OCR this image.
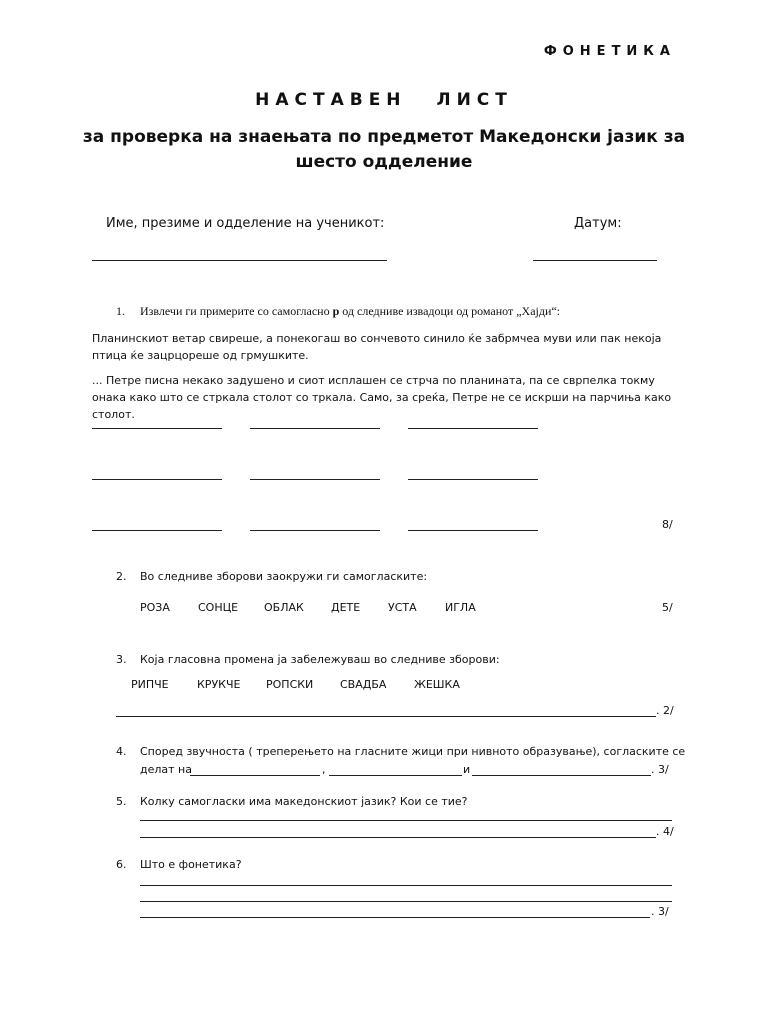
ФОНЕТИКА
НАСТАВЕН ЛИСТ
за проверка на знаењата по предметот Македонски јазик за шесто одделение
Име, презиме и одделение на ученикот:	Датум:
1. Извлечи ги примерите со самогласно р од следниве извадоци од романот „Хајди“:
Планинскиот ветар свиреше, а понекогаш во сончевото синило ќе забрмчеа муви или пак некоја птица ќе зацрцореше од грмушките.
... Петре писна некако задушено и сиот исплашен се стрча по планината, па се сврпелка токму онака како што се стркала столот со тркала. Само, за среќа, Петре не се искрши на парчиња како столот.
8/
2. Во следниве зборови заокружи ги самогласките:
РОЗА	СОНЦЕ ОБЛАК ДЕТЕ	УСТА	ИГЛА	5/
3. Која гласовна промена ја забележуваш во следниве зборови:
РИПЧЕ	КРУКЧЕ РОПСКИ СВАДБА	ЖЕШКА
. 2/
4. Според звучноста ( треперењето на гласните жици при нивното образување), согласките се
делат на	,	и	. 3/
5. Колку самогласки има македонскиот јазик? Кои се тие?
. 4/
6. Што е фонетика?
. 3/
